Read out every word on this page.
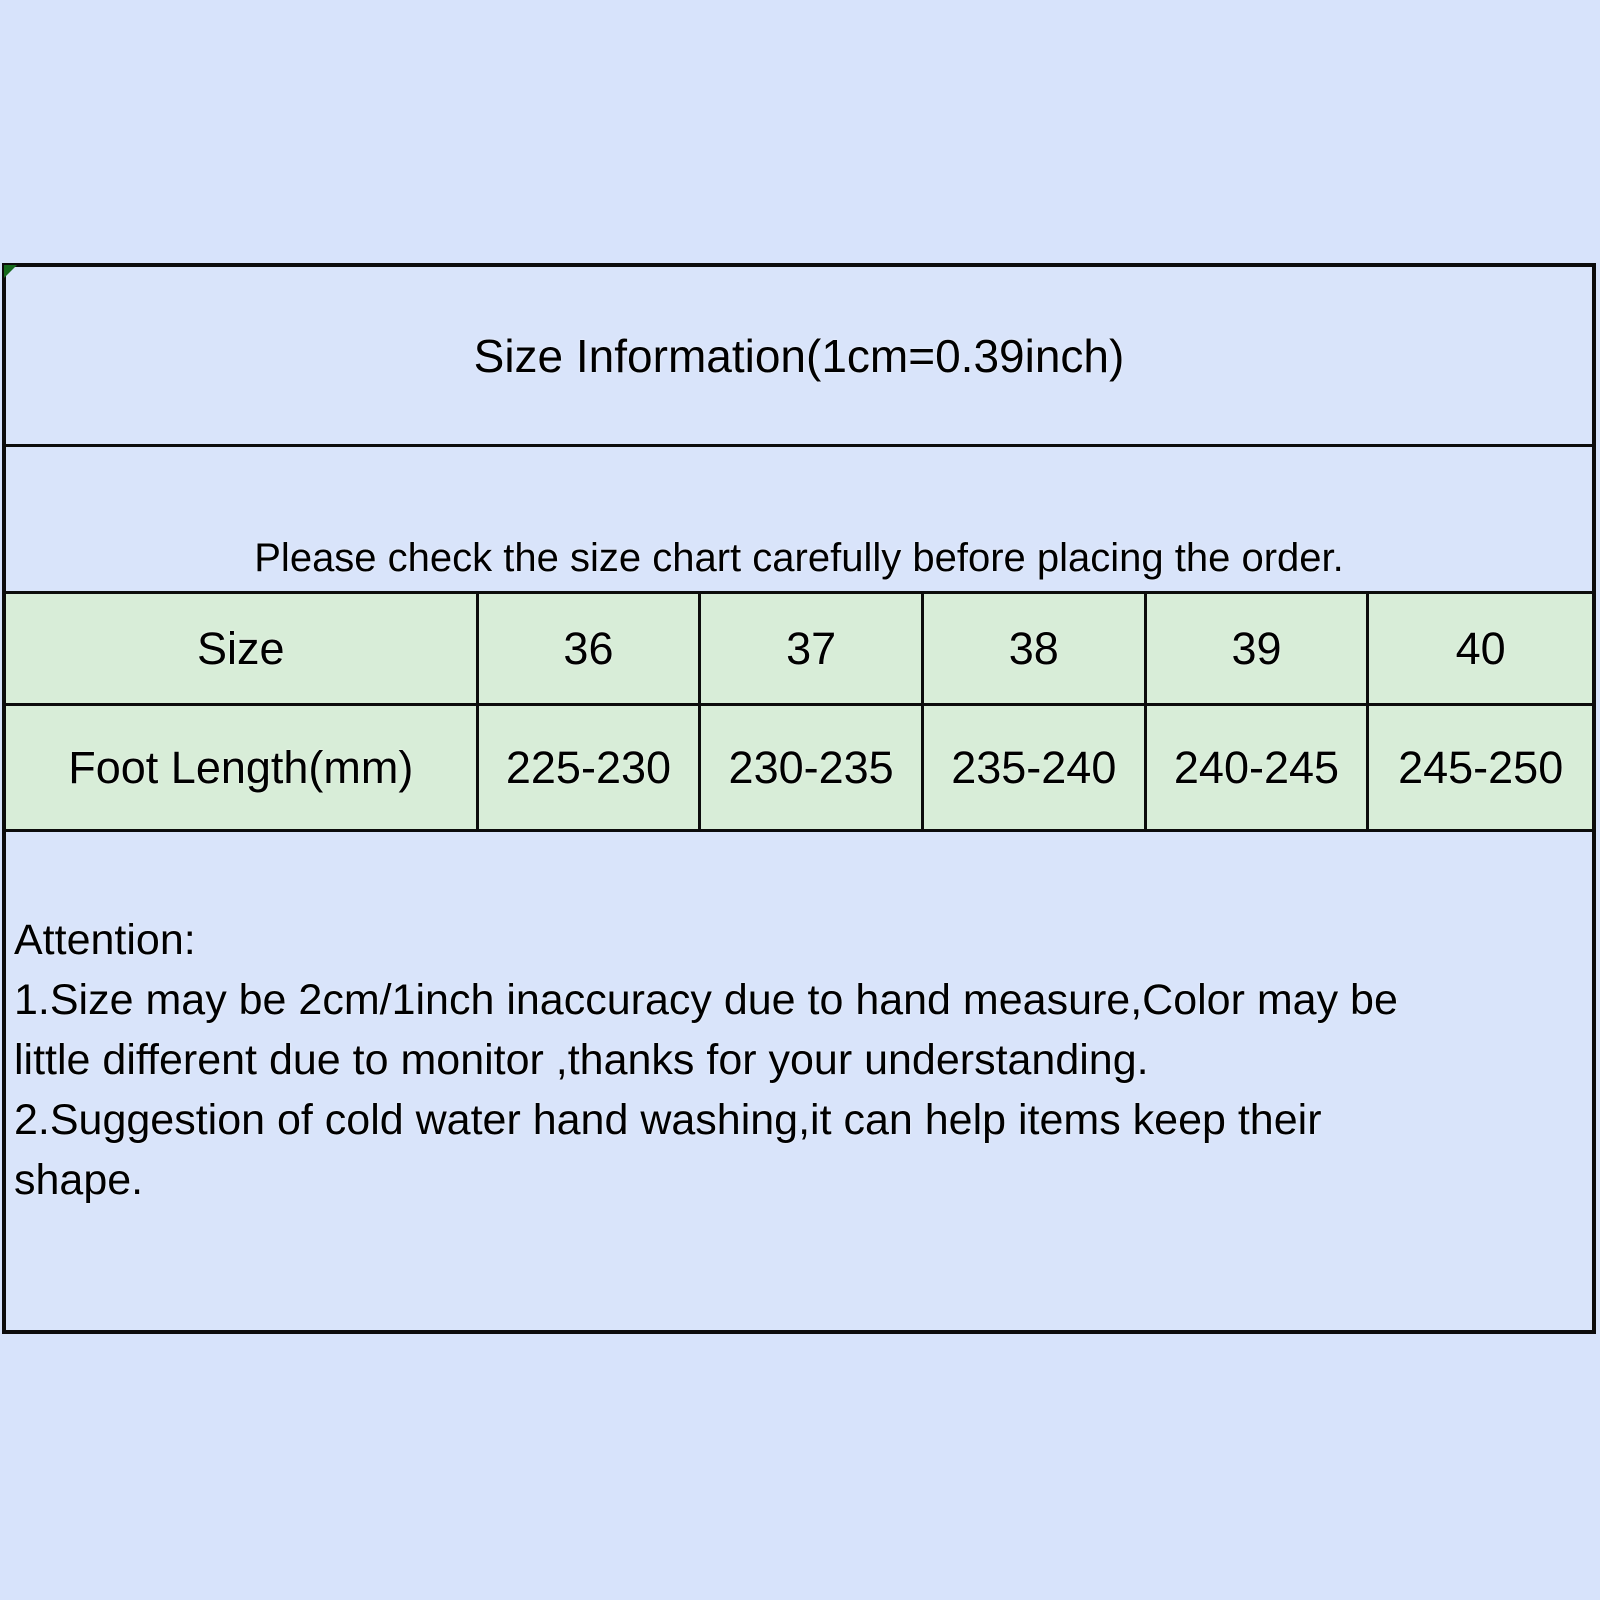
Size Information(1cm=0.39inch)
Please check the size chart carefully before placing the order.
Size	36	37	38	39	40
Foot Length(mm)	225-230	230-235	235-240	240-245	245-250
Attention:
1.Size may be 2cm/1inch inaccuracy due to hand measure,Color may be
little different due to monitor ,thanks for your understanding.
2.Suggestion of cold water hand washing,it can help items keep their
shape.
